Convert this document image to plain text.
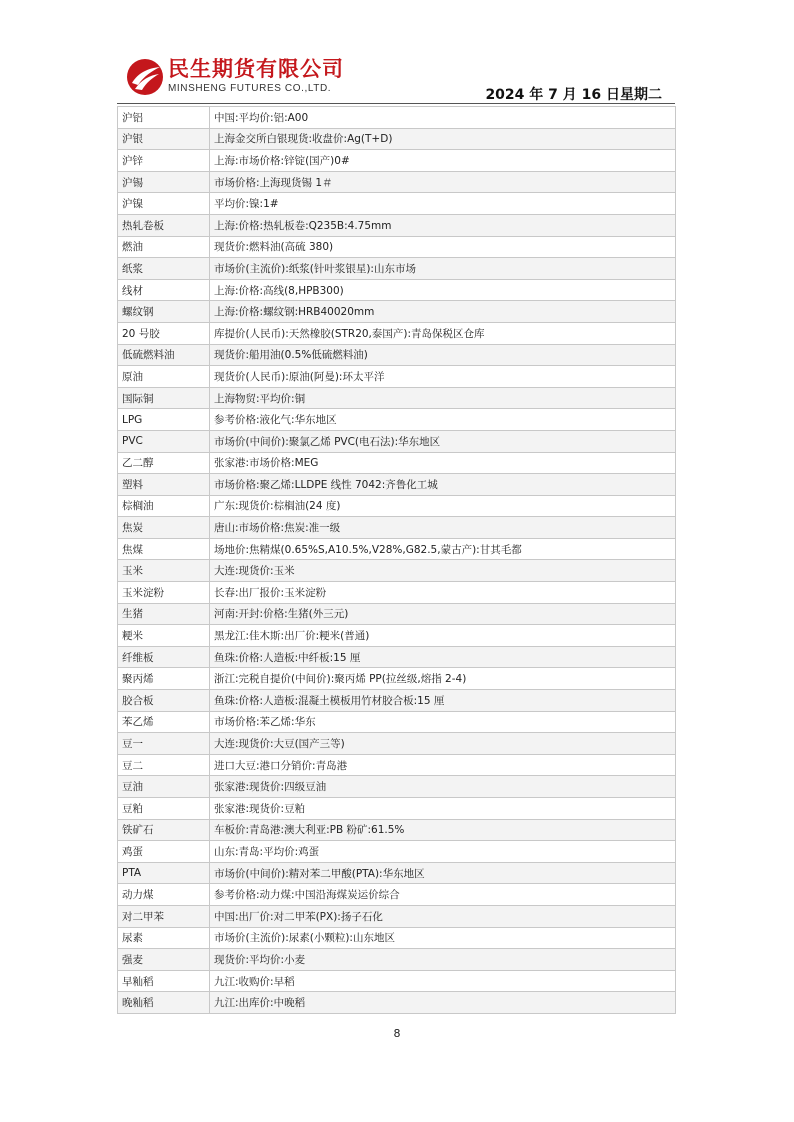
民生期货有限公司
MINSHENG FUTURES CO.,LTD.	2024 年 7 月 16 日星期二
沪铝	中国:平均价:铝:A00
沪银	上海金交所白银现货:收盘价:Ag(T+D)
沪锌	上海:市场价格:锌锭(国产)0#
沪锡	市场价格:上海现货锡 1＃
沪镍	平均价:镍:1#
热轧卷板	上海:价格:热轧板卷:Q235B:4.75mm
燃油	现货价:燃料油(高硫 380)
纸浆	市场价(主流价):纸浆(针叶浆银星):山东市场
线材	上海:价格:高线(8,HPB300)
螺纹钢	上海:价格:螺纹钢:HRB40020mm
20 号胶	库提价(人民币):天然橡胶(STR20,泰国产):青岛保税区仓库
低硫燃料油	现货价:船用油(0.5%低硫燃料油)
原油	现货价(人民币):原油(阿曼):环太平洋
国际铜	上海物贸:平均价:铜
LPG	参考价格:液化气:华东地区
PVC	市场价(中间价):聚氯乙烯 PVC(电石法):华东地区
乙二醇	张家港:市场价格:MEG
塑料	市场价格:聚乙烯:LLDPE 线性 7042:齐鲁化工城
棕榈油	广东:现货价:棕榈油(24 度)
焦炭	唐山:市场价格:焦炭:准一级
焦煤	场地价:焦精煤(0.65%S,A10.5%,V28%,G82.5,蒙古产):甘其毛都
玉米	大连:现货价:玉米
玉米淀粉	长春:出厂报价:玉米淀粉
生猪	河南:开封:价格:生猪(外三元)
粳米	黑龙江:佳木斯:出厂价:粳米(普通)
纤维板	鱼珠:价格:人造板:中纤板:15 厘
聚丙烯	浙江:完税自提价(中间价):聚丙烯 PP(拉丝级,熔指 2-4)
胶合板	鱼珠:价格:人造板:混凝土模板用竹材胶合板:15 厘
苯乙烯	市场价格:苯乙烯:华东
豆一	大连:现货价:大豆(国产三等)
豆二	进口大豆:港口分销价:青岛港
豆油	张家港:现货价:四级豆油
豆粕	张家港:现货价:豆粕
铁矿石	车板价:青岛港:澳大利亚:PB 粉矿:61.5%
鸡蛋	山东:青岛:平均价:鸡蛋
PTA	市场价(中间价):精对苯二甲酸(PTA):华东地区
动力煤	参考价格:动力煤:中国沿海煤炭运价综合
对二甲苯	中国:出厂价:对二甲苯(PX):扬子石化
尿素	市场价(主流价):尿素(小颗粒):山东地区
强麦	现货价:平均价:小麦
早籼稻	九江:收购价:早稻
晚籼稻	九江:出库价:中晚稻
8
